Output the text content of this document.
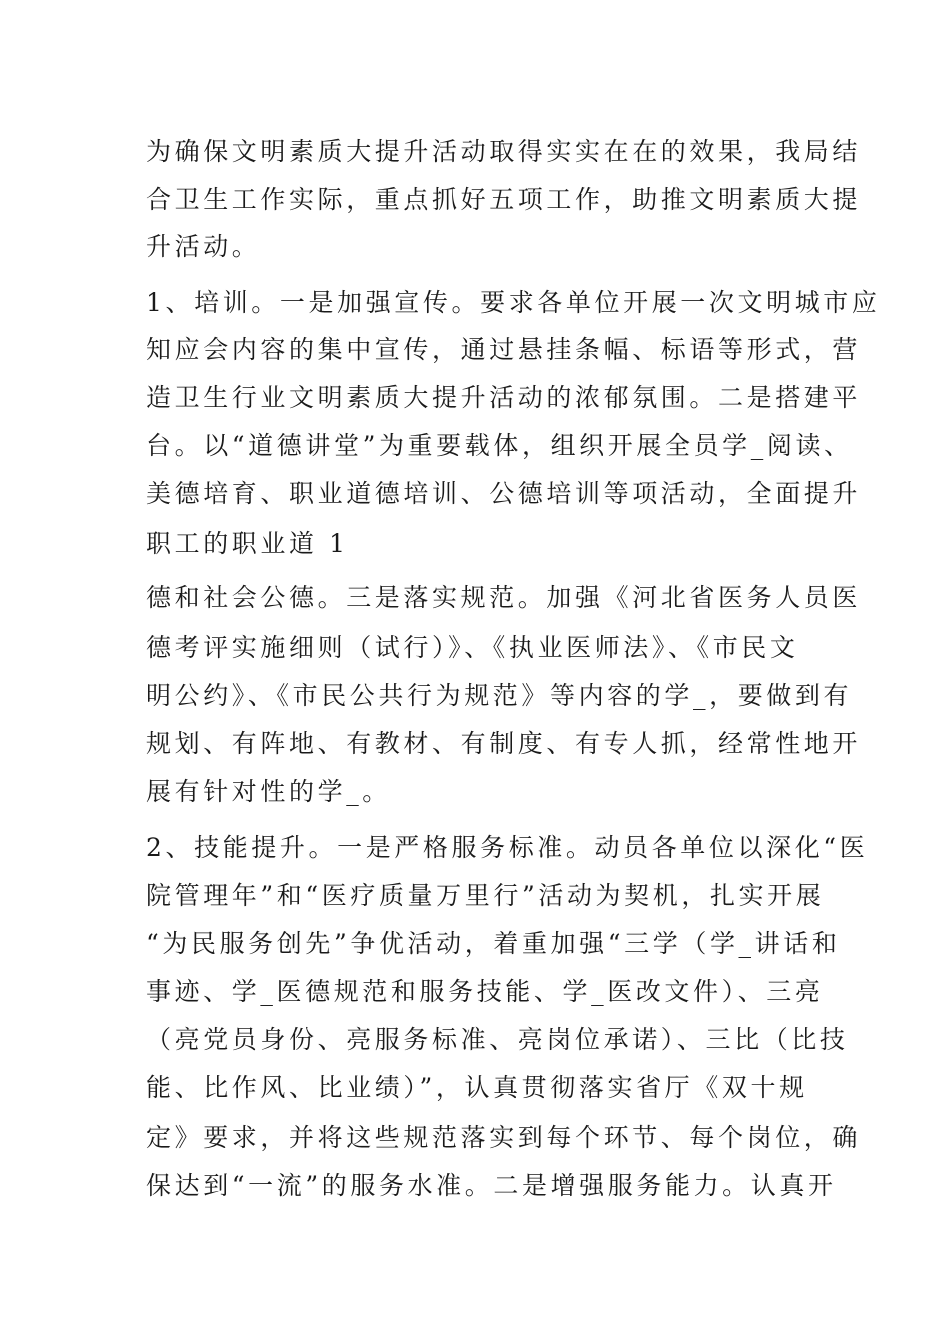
为确保文明素质大提升活动取得实实在在的效果，我局结
合卫生工作实际，重点抓好五项工作，助推文明素质大提
升活动。
1、培训。一是加强宣传。要求各单位开展一次文明城市应
知应会内容的集中宣传，通过悬挂条幅、标语等形式，营
造卫生行业文明素质大提升活动的浓郁氛围。二是搭建平
台。以“道德讲堂”为重要载体，组织开展全员学_阅读、
美德培育、职业道德培训、公德培训等项活动，全面提升
职工的职业道 1
德和社会公德。三是落实规范。加强《河北省医务人员医
德考评实施细则（试行）》、《执业医师法》、《市民文
明公约》、《市民公共行为规范》等内容的学_，要做到有
规划、有阵地、有教材、有制度、有专人抓，经常性地开
展有针对性的学_。
2、技能提升。一是严格服务标准。动员各单位以深化“医
院管理年”和“医疗质量万里行”活动为契机，扎实开展
“为民服务创先”争优活动，着重加强“三学（学_讲话和
事迹、学_医德规范和服务技能、学_医改文件）、三亮
（亮党员身份、亮服务标准、亮岗位承诺）、三比（比技
能、比作风、比业绩）”，认真贯彻落实省厅《双十规
定》要求，并将这些规范落实到每个环节、每个岗位，确
保达到“一流”的服务水准。二是增强服务能力。认真开
